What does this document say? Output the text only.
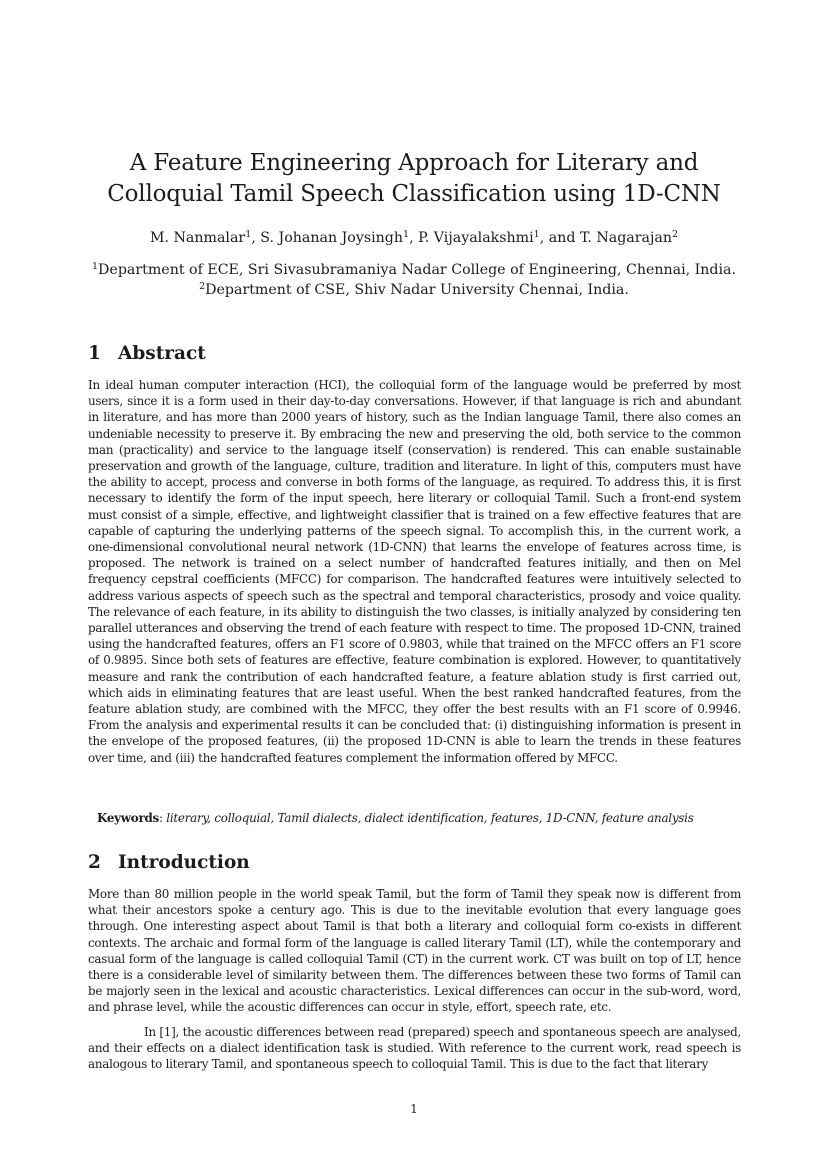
A Feature Engineering Approach for Literary and Colloquial Tamil Speech Classification using 1D-CNN
M. Nanmalar$^1$, S. Johanan Joysingh$^1$, P. Vijayalakshmi$^1$, and T. Nagarajan$^2$
$^1$Department of ECE, Sri Sivasubramaniya Nadar College of Engineering, Chennai, India.
$^2$Department of CSE, Shiv Nadar University Chennai, India.
1 Abstract

In ideal human computer interaction (HCI), the colloquial form of the language would be preferred by most users, since it is a form used in their day-to-day conversations. However, if that language is rich and abundant in literature, and has more than 2000 years of history, such as the Indian language Tamil, there also comes an undeniable necessity to preserve it. By embracing the new and preserving the old, both service to the common man (practicality) and service to the language itself (conservation) is rendered. This can enable sustainable preservation and growth of the language, culture, tradition and literature. In light of this, computers must have the ability to accept, process and converse in both forms of the language, as required. To address this, it is first necessary to identify the form of the input speech, here literary or colloquial Tamil. Such a front-end system must consist of a simple, effective, and lightweight classifier that is trained on a few effective features that are capable of capturing the underlying patterns of the speech signal. To accomplish this, in the current work, a one-dimensional convolutional neural network (1D-CNN) that learns the envelope of features across time, is proposed. The network is trained on a select number of handcrafted features initially, and then on Mel frequency cepstral coefficients (MFCC) for comparison. The handcrafted features were intuitively selected to address various aspects of speech such as the spectral and temporal characteristics, prosody and voice quality. The relevance of each feature, in its ability to distinguish the two classes, is initially analyzed by considering ten parallel utterances and observing the trend of each feature with respect to time. The proposed 1D-CNN, trained using the handcrafted features, offers an F1 score of 0.9803, while that trained on the MFCC offers an F1 score of 0.9895. Since both sets of features are effective, feature combination is explored. However, to quantitatively measure and rank the contribution of each handcrafted feature, a feature ablation study is first carried out, which aids in eliminating features that are least useful. When the best ranked handcrafted features, from the feature ablation study, are combined with the MFCC, they offer the best results with an F1 score of 0.9946. From the analysis and experimental results it can be concluded that: (i) distinguishing information is present in the envelope of the proposed features, (ii) the proposed 1D-CNN is able to learn the trends in these features over time, and (iii) the handcrafted features complement the information offered by MFCC.

Keywords: literary, colloquial, Tamil dialects, dialect identification, features, 1D-CNN, feature analysis
2 Introduction

More than 80 million people in the world speak Tamil, but the form of Tamil they speak now is different from what their ancestors spoke a century ago. This is due to the inevitable evolution that every language goes through. One interesting aspect about Tamil is that both a literary and colloquial form co-exists in different contexts. The archaic and formal form of the language is called literary Tamil (LT), while the contemporary and casual form of the language is called colloquial Tamil (CT) in the current work. CT was built on top of LT, hence there is a considerable level of similarity between them. The differences between these two forms of Tamil can be majorly seen in the lexical and acoustic characteristics. Lexical differences can occur in the sub-word, word, and phrase level, while the acoustic differences can occur in style, effort, speech rate, etc.

In [1], the acoustic differences between read (prepared) speech and spontaneous speech are analysed, and their effects on a dialect identification task is studied. With reference to the current work, read speech is analogous to literary Tamil, and spontaneous speech to colloquial Tamil. This is due to the fact that literary

1
